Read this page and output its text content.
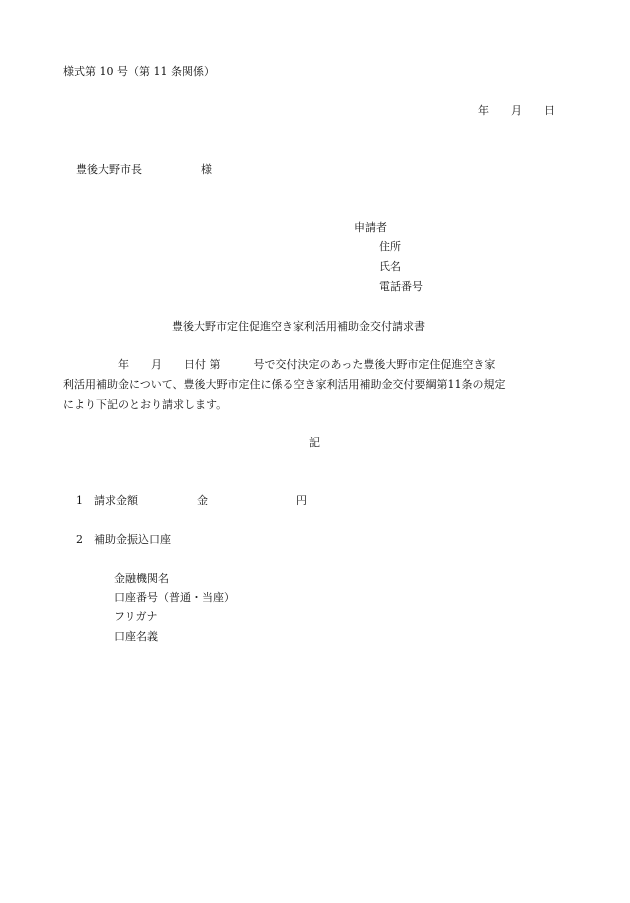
様式第 10 号（第 11 条関係）
年　　月　　日
豊後大野市長	様
申請者
住所
氏名
電話番号
豊後大野市定住促進空き家利活用補助金交付請求書
　　　　　年　　月　　日付 第　　　号で交付決定のあった豊後大野市定住促進空き家
利活用補助金について、豊後大野市定住に係る空き家利活用補助金交付要綱第11条の規定
により下記のとおり請求します。
記
1　請求金額	金	円
2　補助金振込口座
金融機関名
口座番号（普通・当座）
フリガナ
口座名義
